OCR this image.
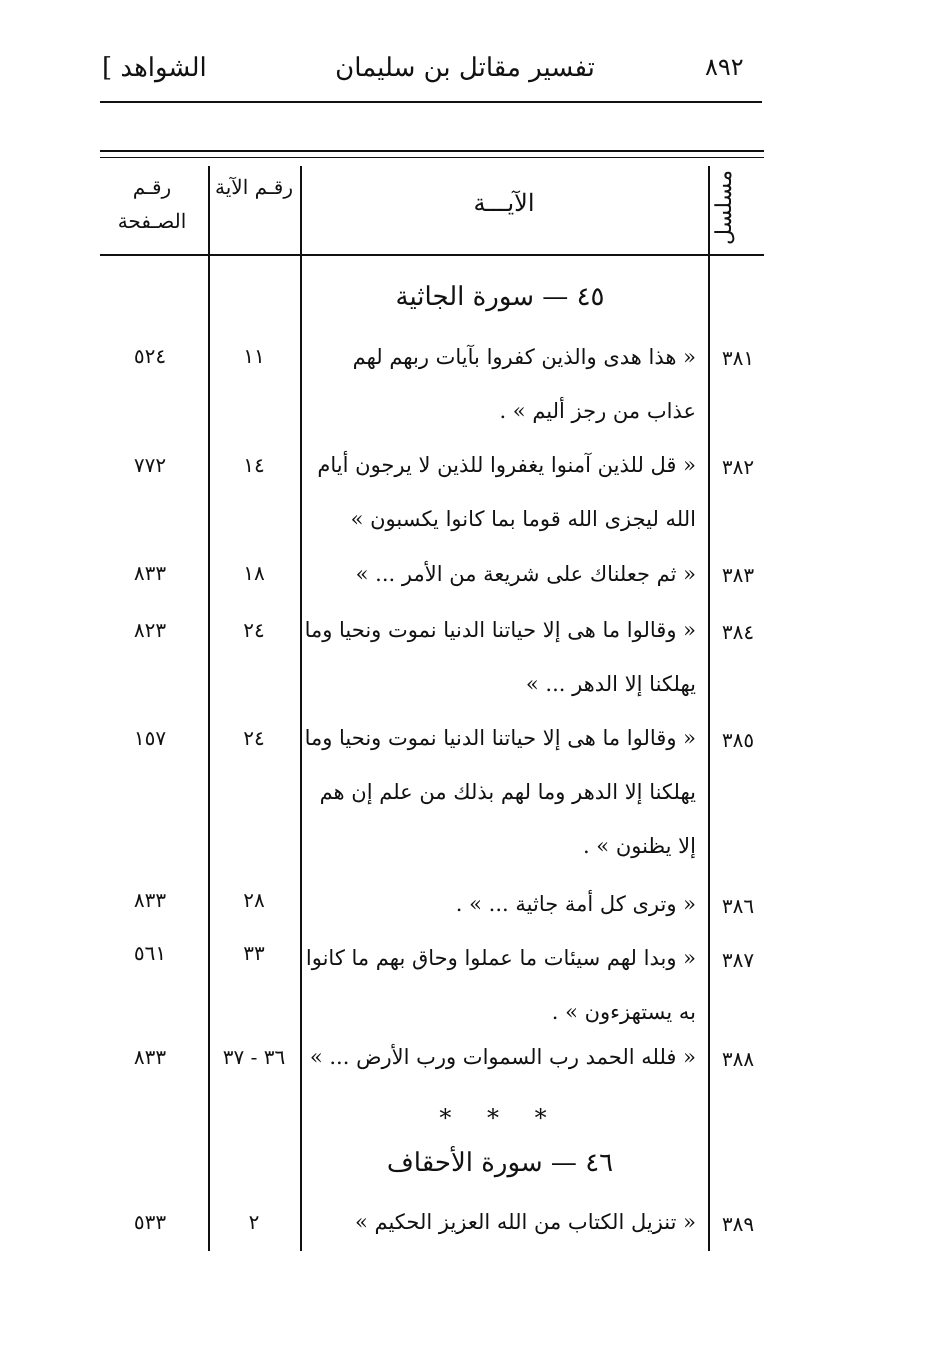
٨٩٢
تفسير مقاتل بن سليمان
[ الشواهد
مسلسل
الآيـــة
رقـم الآية
رقـم الصـفحة
٤٥ — سورة الجاثية
٣٨١
« هذا هدى والذين كفروا بآيات ربهم لهم عذاب من رجز أليم » .
١١
٥٢٤
٣٨٢
« قل للذين آمنوا يغفروا للذين لا يرجون أيام الله ليجزى الله قوما بما كانوا يكسبون »
١٤
٧٧٢
٣٨٣
« ثم جعلناك على شريعة من الأمر ... »
١٨
٨٣٣
٣٨٤
« وقالوا ما هى إلا حياتنا الدنيا نموت ونحيا وما يهلكنا إلا الدهر ... »
٢٤
٨٢٣
٣٨٥
« وقالوا ما هى إلا حياتنا الدنيا نموت ونحيا وما يهلكنا إلا الدهر وما لهم بذلك من علم إن هم إلا يظنون » .
٢٤
١٥٧
٣٨٦
« وترى كل أمة جاثية ... » .
٢٨
٨٣٣
٣٨٧
« وبدا لهم سيئات ما عملوا وحاق بهم ما كانوا به يستهزءون » .
٣٣
٥٦١
٣٨٨
« فلله الحمد رب السموات ورب الأرض ... »
٣٦ - ٣٧
٨٣٣
* * *
٤٦ — سورة الأحقاف
٣٨٩
« تنزيل الكتاب من الله العزيز الحكيم »
٢
٥٣٣
